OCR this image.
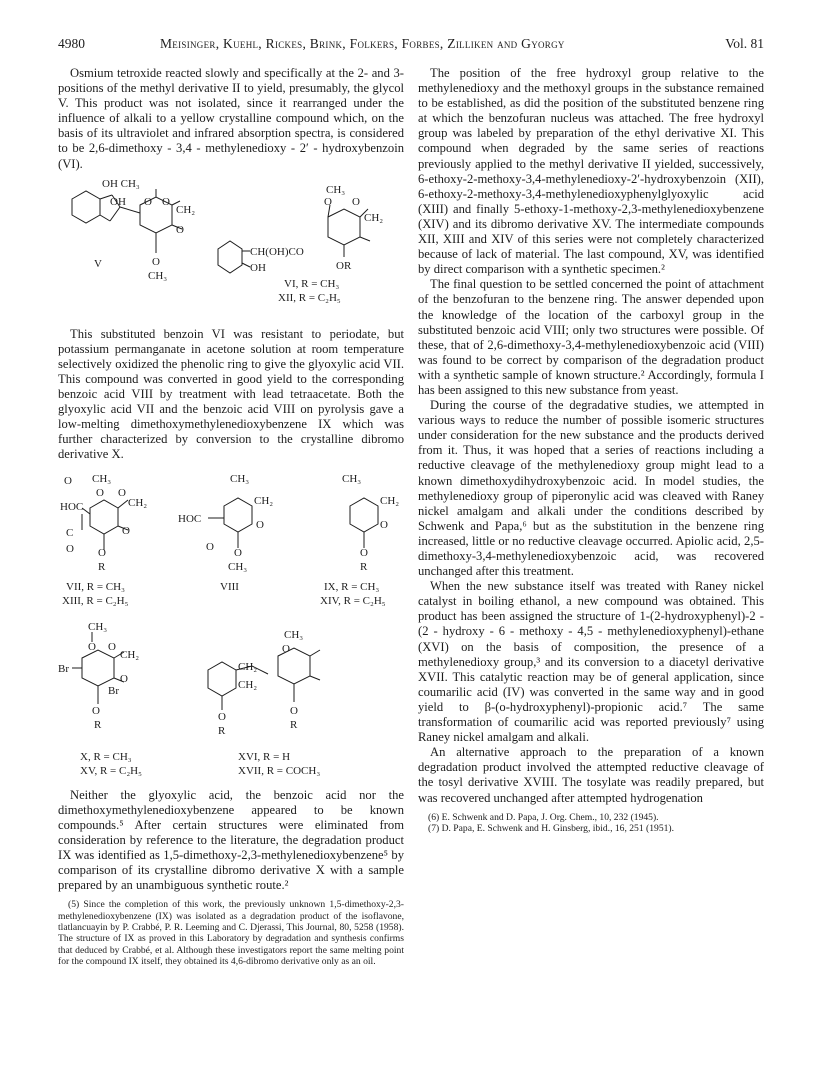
4980	Meisinger, Kuehl, Rickes, Brink, Folkers, Forbes, Zilliken and Gyorgy	Vol. 81

Osmium tetroxide reacted slowly and specifically at the 2- and 3-positions of the methyl derivative II to yield, presumably, the glycol V. This product was not isolated, since it rearranged under the influence of alkali to a yellow crystalline compound which, on the basis of its ultraviolet and infrared absorption spectra, is considered to be 2,6-dimethoxy - 3,4 - methylenedioxy - 2′ - hydroxybenzoin (VI).

OH CH₃
OH O O
CH₂
O
V	O
CH₃
CH₃
O O
CH₂
CH(OH)CO
OH	OR
VI, R = CH₃
XII, R = C₂H₅

This substituted benzoin VI was resistant to periodate, but potassium permanganate in acetone solution at room temperature selectively oxidized the phenolic ring to give the glyoxylic acid VII. This compound was converted in good yield to the corresponding benzoic acid VIII by treatment with lead tetraacetate. Both the glyoxylic acid VII and the benzoic acid VIII on pyrolysis gave a low-melting dimethoxymethylenedioxybenzene IX which was further characterized by conversion to the crystalline dibromo derivative X.

O CH₃	CH₃	CH₃
HOC
O O
CH₂	CH₂	CH₂
O	O	O
C
HOC
O O	O O	O
R	CH₃	R
VII, R = CH₃
XIII, R = C₂H₅
VIII	IX, R = CH₃
XIV, R = C₂H₅
CH₃
CH₃
O O
CH₂
CH₂
CH₂
Br
Br
O
O
O
O	O
R	R	R
X, R = CH₃
XV, R = C₂H₅
XVI, R = H
XVII, R = COCH₃

Neither the glyoxylic acid, the benzoic acid nor the dimethoxymethylenedioxybenzene appeared to be known compounds.⁵ After certain structures were eliminated from consideration by reference to the literature, the degradation product IX was identified as 1,5-dimethoxy-2,3-methylenedioxybenzene⁵ by comparison of its crystalline dibromo derivative X with a sample prepared by an unambiguous synthetic route.²

(5) Since the completion of this work, the previously unknown 1,5-dimethoxy-2,3-methylenedioxybenzene (IX) was isolated as a degradation product of the isoflavone, tlatlancuayin by P. Crabbé, P. R. Leeming and C. Djerassi, This Journal, 80, 5258 (1958). The structure of IX as proved in this Laboratory by degradation and synthesis confirms that deduced by Crabbé, et al. Although these investigators report the same melting point for the compound IX itself, they obtained its 4,6-dibromo derivative only as an oil.

The position of the free hydroxyl group relative to the methylenedioxy and the methoxyl groups in the substance remained to be established, as did the position of the substituted benzene ring at which the benzofuran nucleus was attached. The free hydroxyl group was labeled by preparation of the ethyl derivative XI. This compound when degraded by the same series of reactions previously applied to the methyl derivative II yielded, successively, 6-ethoxy-2-methoxy-3,4-methylenedioxy-2′-hydroxybenzoin (XII), 6-ethoxy-2-methoxy-3,4-methylenedioxyphenylglyoxylic acid (XIII) and finally 5-ethoxy-1-methoxy-2,3-methylenedioxybenzene (XIV) and its dibromo derivative XV. The intermediate compounds XII, XIII and XIV of this series were not completely characterized because of lack of material. The last compound, XV, was identified by direct comparison with a synthetic specimen.²

The final question to be settled concerned the point of attachment of the benzofuran to the benzene ring. The answer depended upon the knowledge of the location of the carboxyl group in the substituted benzoic acid VIII; only two structures were possible. Of these, that of 2,6-dimethoxy-3,4-methylenedioxybenzoic acid (VIII) was found to be correct by comparison of the degradation product with a synthetic sample of known structure.² Accordingly, formula I has been assigned to this new substance from yeast.

During the course of the degradative studies, we attempted in various ways to reduce the number of possible isomeric structures under consideration for the new substance and the products derived from it. Thus, it was hoped that a series of reactions including a reductive cleavage of the methylenedioxy group might lead to a known dimethoxydihydroxybenzoic acid. In model studies, the methylenedioxy group of piperonylic acid was cleaved with Raney nickel amalgam and alkali under the conditions described by Schwenk and Papa,⁶ but as the substitution in the benzene ring increased, little or no reductive cleavage occurred. Apiolic acid, 2,5-dimethoxy-3,4-methylenedioxybenzoic acid, was recovered unchanged after this treatment.

When the new substance itself was treated with Raney nickel catalyst in boiling ethanol, a new compound was obtained. This product has been assigned the structure of 1-(2-hydroxyphenyl)-2 - (2 - hydroxy - 6 - methoxy - 4,5 - methylenedioxyphenyl)-ethane (XVI) on the basis of composition, the presence of a methylenedioxy group,³ and its conversion to a diacetyl derivative XVII. This catalytic reaction may be of general application, since coumarilic acid (IV) was converted in the same way and in good yield to β-(o-hydroxyphenyl)-propionic acid.⁷ The same transformation of coumarilic acid was reported previously⁷ using Raney nickel amalgam and alkali.

An alternative approach to the preparation of a known degradation product involved the attempted reductive cleavage of the tosyl derivative XVIII. The tosylate was readily prepared, but was recovered unchanged after attempted hydrogenation

(6) E. Schwenk and D. Papa, J. Org. Chem., 10, 232 (1945).

(7) D. Papa, E. Schwenk and H. Ginsberg, ibid., 16, 251 (1951).
